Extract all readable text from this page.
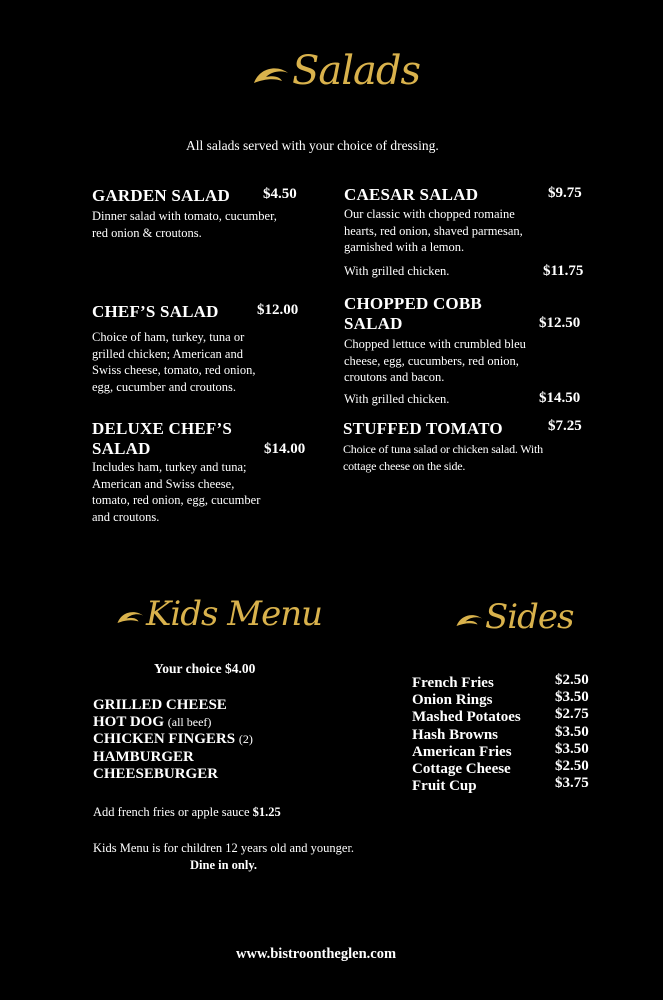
Salads
All salads served with your choice of dressing.
GARDEN SALAD $4.50
Dinner salad with tomato, cucumber, red onion & croutons.
CHEF’S SALAD	$12.00
Choice of ham, turkey, tuna or grilled chicken; American and Swiss cheese, tomato, red onion, egg, cucumber and croutons.
DELUXE CHEF’S SALAD	$14.00
Includes ham, turkey and tuna; American and Swiss cheese, tomato, red onion, egg, cucumber and croutons.
CAESAR SALAD	$9.75
Our classic with chopped romaine hearts, red onion, shaved parmesan, garnished with a lemon.
With grilled chicken.	$11.75
CHOPPED COBB SALAD	$12.50
Chopped lettuce with crumbled bleu cheese, egg, cucumbers, red onion, croutons and bacon.
With grilled chicken.	$14.50
STUFFED TOMATO	$7.25
Choice of tuna salad or chicken salad. With cottage cheese on the side.
Kids Menu
Your choice $4.00
GRILLED CHEESE
HOT DOG (all beef)
CHICKEN FINGERS (2)
HAMBURGER
CHEESEBURGER
Add french fries or apple sauce $1.25
Kids Menu is for children 12 years old and younger.
Dine in only.
Sides
French Fries	$2.50
Onion Rings	$3.50
Mashed Potatoes $2.75
Hash Browns	$3.50
American Fries	$3.50
Cottage Cheese	$2.50
Fruit Cup	$3.75
www.bistroontheglen.com
